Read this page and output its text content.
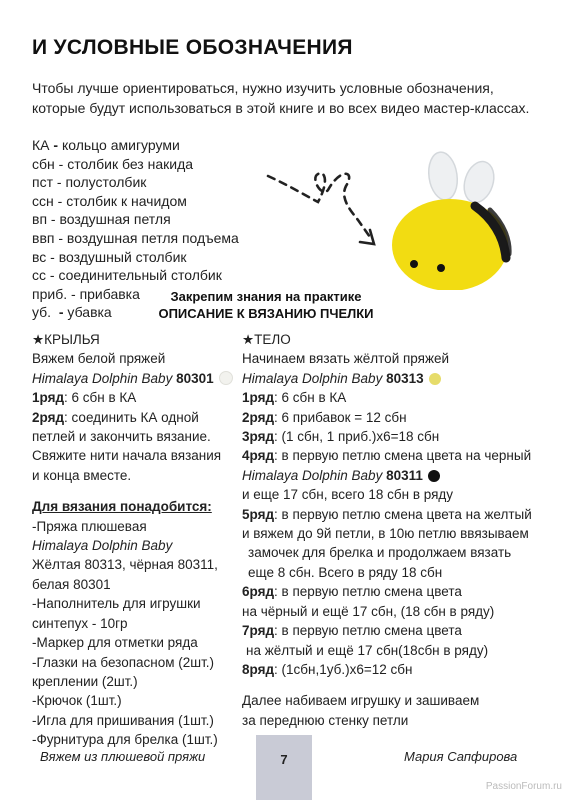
И УСЛОВНЫЕ ОБОЗНАЧЕНИЯ
Чтобы лучше ориентироваться, нужно изучить условные обозначения,
которые будут использоваться в этой книге и во всех видео мастер-классах.
КА - кольцо амигуруми
сбн - столбик без накида
пст - полустолбик
ссн - столбик к начидом
вп - воздушная петля
ввп - воздушная петля подъема
вс - воздушный столбик
сс - соединительный столбик
приб. - прибавка
уб.  - убавка
Закрепим знания на практике
ОПИСАНИЕ К ВЯЗАНИЮ ПЧЕЛКИ
★КРЫЛЬЯ
Вяжем белой пряжей
Himalaya Dolphin Baby 80301
1ряд: 6 сбн в КА
2ряд: соединить КА одной
петлей и закончить вязание.
Свяжите нити начала вязания
и конца вместе.
Для вязания понадобится:
-Пряжа плюшевая
Himalaya Dolphin Baby
Жёлтая 80313, чёрная 80311,
белая 80301
-Наполнитель для игрушки
синтепух - 10гр
-Маркер для отметки ряда
-Глазки на безопасном (2шт.)
креплении (2шт.)
-Крючок (1шт.)
-Игла для пришивания (1шт.)
-Фурнитура для брелка (1шт.)
★ТЕЛО
Начинаем вязать жёлтой пряжей
Himalaya Dolphin Baby 80313
1ряд: 6 сбн в КА
2ряд: 6 прибавок = 12 сбн
3ряд: (1 сбн, 1 приб.)х6=18 сбн
4ряд: в первую петлю смена цвета на черный
Himalaya Dolphin Baby 80311
и еще 17 сбн, всего 18 сбн в ряду
5ряд: в первую петлю смена цвета на желтый
и вяжем до 9й петли, в 10ю петлю ввязываем
замочек для брелка и продолжаем вязать
еще 8 сбн. Всего в ряду 18 сбн
6ряд: в первую петлю смена цвета
на чёрный и ещё 17 сбн, (18 сбн в ряду)
7ряд: в первую петлю смена цвета
на жёлтый и ещё 17 сбн(18сбн в ряду)
8ряд: (1сбн,1уб.)х6=12 сбн
Далее набиваем игрушку и зашиваем
за переднюю стенку петли
Вяжем из плюшевой пряжи	7	Мария Сапфирова
PassionForum.ru
